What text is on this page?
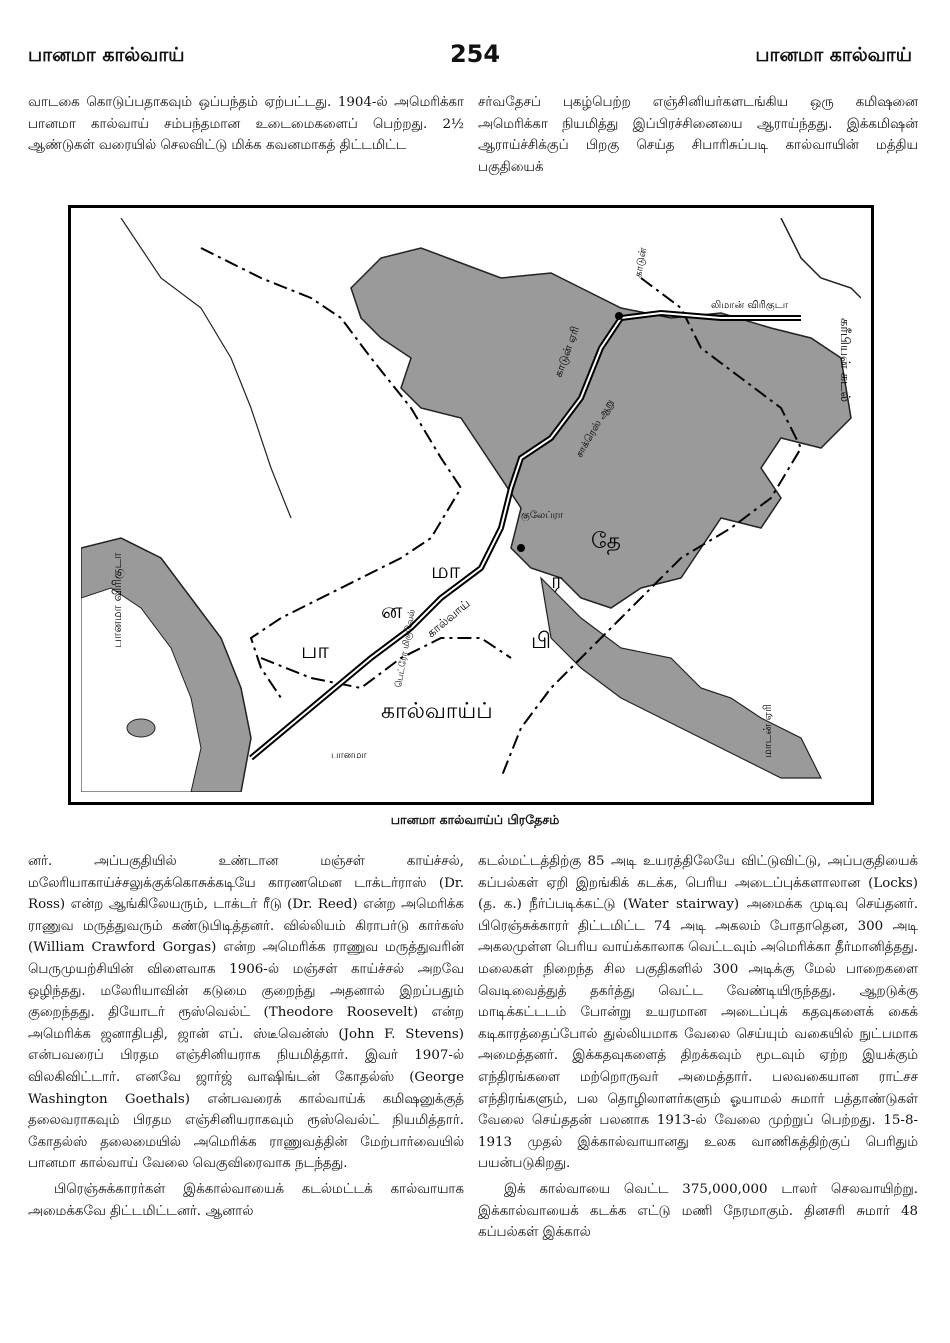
பானமா கால்வாய்	254	பானமா கால்வாய்

வாடகை கொடுப்பதாகவும் ஒப்பந்தம் ஏற்பட்டது. 1904-ல் அமெரிக்கா பானமா கால்வாய் சம்பந்தமான உடைமைகளைப் பெற்றது. 2½ ஆண்டுகள் வரையில் செலவிட்டு மிக்க கவனமாகத் திட்டமிட்ட

சர்வதேசப் புகழ்பெற்ற எஞ்சினியர்களடங்கிய ஒரு கமிஷனை அமெரிக்கா நியமித்து இப்பிரச்சினையை ஆராய்ந்தது. இக்கமிஷன் ஆராய்ச்சிக்குப் பிறகு செய்த சிபாரிசுப்படி கால்வாயின் மத்திய பகுதியைக்

பா
ன
மா
கால்வாய்ப்
பி
ர
தே
கால்வாய்
காடுன் ஏரி
பானமா விரிகுடா
கரீபியன் கடல்
காடுன்
லிமான் விரிகுடா
குலேப்ரா
சாக்ரெஸ் ஆறு
பெட்ரோ மிகுவெல்
பானமா	மாடன் ஏரி
பானமா கால்வாய்ப் பிரதேசம்

னர். அப்பகுதியில் உண்டான மஞ்சள் காய்ச்சல், மலேரியாகாய்ச்சலுக்குக்கொசுக்கடியே காரணமென டாக்டர்ராஸ் (Dr. Ross) என்ற ஆங்கிலேயரும், டாக்டர் ரீடு (Dr. Reed) என்ற அமெரிக்க ராணுவ மருத்துவரும் கண்டுபிடித்தனர். வில்லியம் கிராபர்டு கார்கஸ் (William Crawford Gorgas) என்ற அமெரிக்க ராணுவ மருத்துவரின் பெருமுயற்சியின் விளைவாக 1906-ல் மஞ்சள் காய்ச்சல் அறவே ஒழிந்தது. மலேரியாவின் கடுமை குறைந்து அதனால் இறப்பதும் குறைந்தது. தியோடர் ரூஸ்வெல்ட் (Theodore Roosevelt) என்ற அமெரிக்க ஜனாதிபதி, ஜான் எப். ஸ்டீவென்ஸ் (John F. Stevens) என்பவரைப் பிரதம எஞ்சினியராக நியமித்தார். இவர் 1907-ல் விலகிவிட்டார். எனவே ஜார்ஜ் வாஷிங்டன் கோதல்ஸ் (George Washington Goethals) என்பவரைக் கால்வாய்க் கமிஷனுக்குத் தலைவராகவும் பிரதம எஞ்சினியராகவும் ரூஸ்வெல்ட் நியமித்தார். கோதல்ஸ் தலைமையில் அமெரிக்க ராணுவத்தின் மேற்பார்வையில் பானமா கால்வாய் வேலை வெகுவிரைவாக நடந்தது.

பிரெஞ்சுக்காரர்கள் இக்கால்வாயைக் கடல்மட்டக் கால்வாயாக அமைக்கவே திட்டமிட்டனர். ஆனால்

கடல்மட்டத்திற்கு 85 அடி உயரத்திலேயே விட்டுவிட்டு, அப்பகுதியைக் கப்பல்கள் ஏறி இறங்கிக் கடக்க, பெரிய அடைப்புக்களாலான (Locks) (த. க.) நீர்ப்படிக்கட்டு (Water stairway) அமைக்க முடிவு செய்தனர். பிரெஞ்சுக்காரர் திட்டமிட்ட 74 அடி அகலம் போதாதென, 300 அடி அகலமுள்ள பெரிய வாய்க்காலாக வெட்டவும் அமெரிக்கா தீர்மானித்தது. மலைகள் நிறைந்த சில பகுதிகளில் 300 அடிக்கு மேல் பாறைகளை வெடிவைத்துத் தகர்த்து வெட்ட வேண்டியிருந்தது. ஆறடுக்கு மாடிக்கட்டடம் போன்று உயரமான அடைப்புக் கதவுகளைக் கைக் கடிகாரத்தைப்போல் துல்லியமாக வேலை செய்யும் வகையில் நுட்பமாக அமைத்தனர். இக்கதவுகளைத் திறக்கவும் மூடவும் ஏற்ற இயக்கும் எந்திரங்களை மற்றொருவர் அமைத்தார். பலவகையான ராட்சச எந்திரங்களும், பல தொழிலாளர்களும் ஓயாமல் சுமார் பத்தாண்டுகள் வேலை செய்ததன் பலனாக 1913-ல் வேலை முற்றுப் பெற்றது. 15-8-1913 முதல் இக்கால்வாயானது உலக வாணிகத்திற்குப் பெரிதும் பயன்படுகிறது.

இக் கால்வாயை வெட்ட 375,000,000 டாலர் செலவாயிற்று. இக்கால்வாயைக் கடக்க எட்டு மணி நேரமாகும். தினசரி சுமார் 48 கப்பல்கள் இக்கால்
